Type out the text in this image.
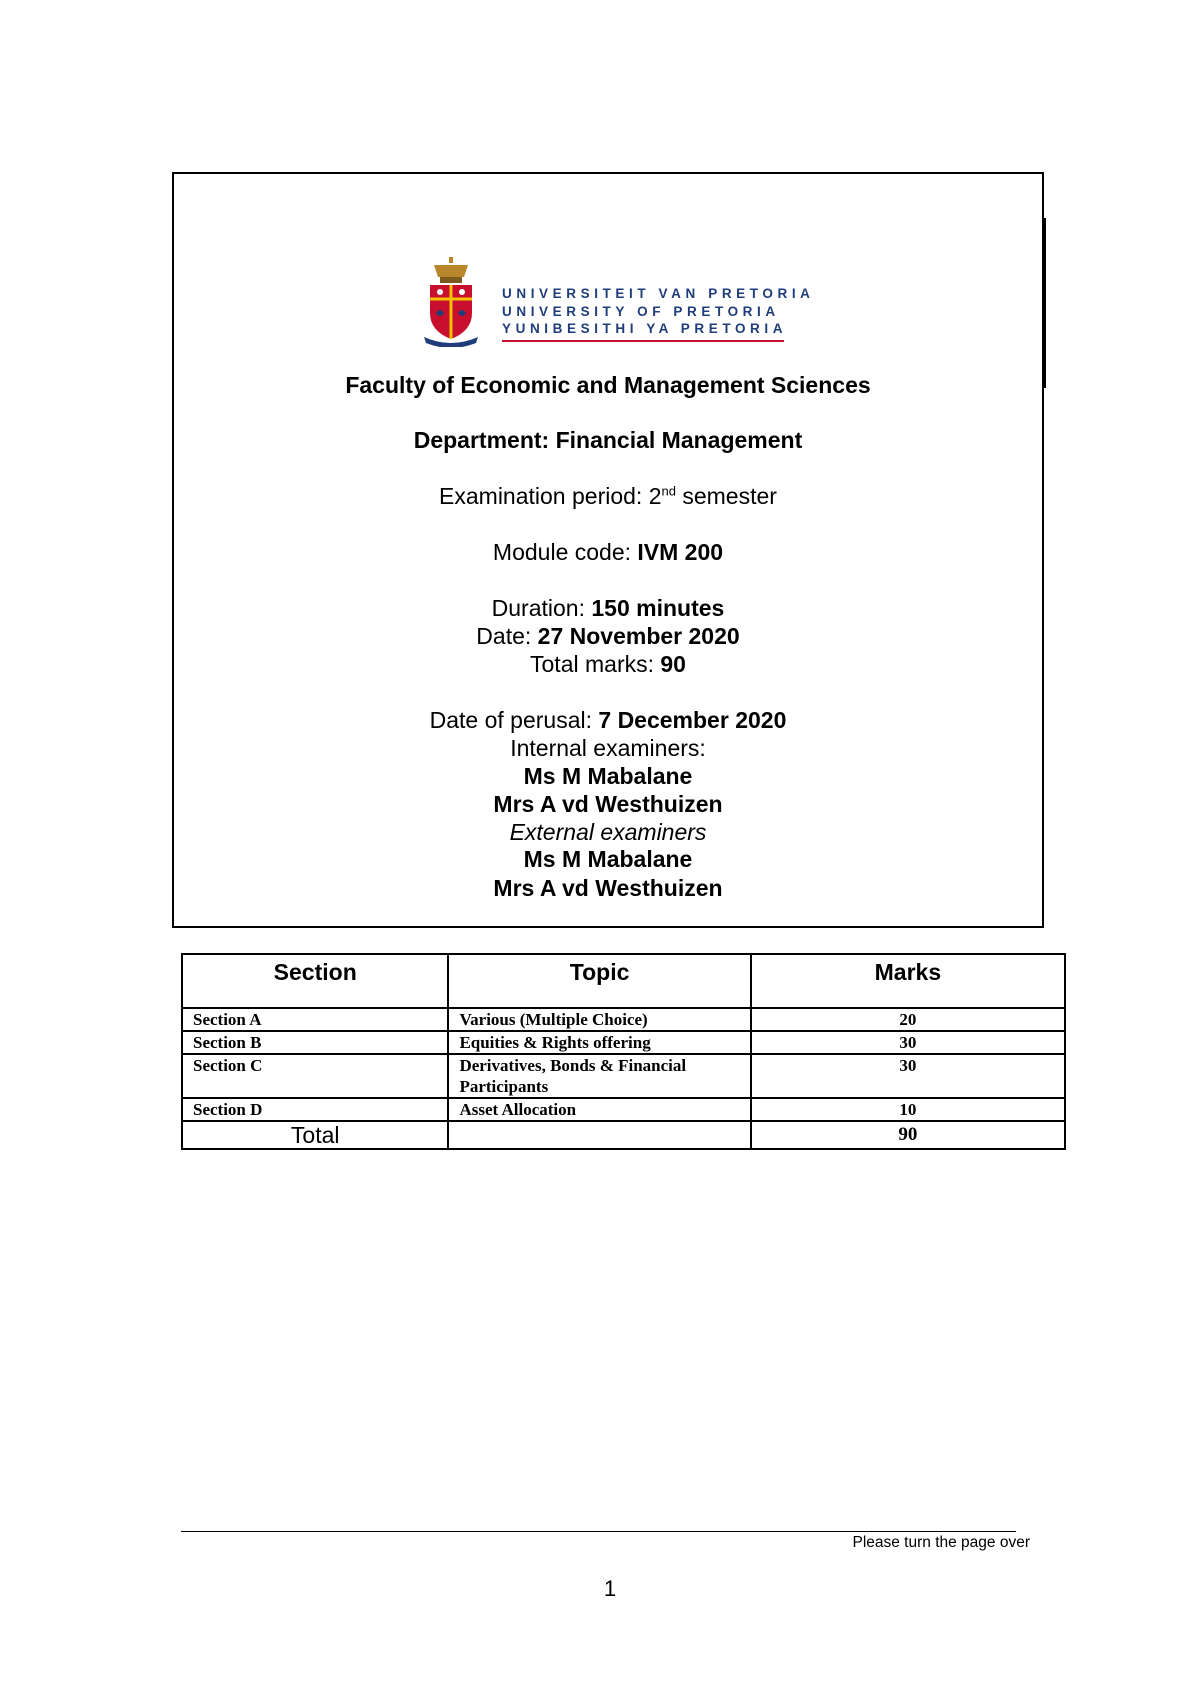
UNIVERSITEIT VAN PRETORIA
UNIVERSITY OF PRETORIA
YUNIBESITHI YA PRETORIA
Faculty of Economic and Management Sciences
Department: Financial Management
Examination period: 2nd semester
Module code: IVM 200
Duration: 150 minutes
Date: 27 November 2020
Total marks: 90
Date of perusal: 7 December 2020
Internal examiners:
Ms M Mabalane
Mrs A vd Westhuizen
External examiners
Ms M Mabalane
Mrs A vd Westhuizen
Section	Topic	Marks
Section A	Various (Multiple Choice)	20
Section B	Equities & Rights offering	30
Section C	Derivatives, Bonds & Financial Participants	30
Section D	Asset Allocation	10
Total		90
Please turn the page over
1
